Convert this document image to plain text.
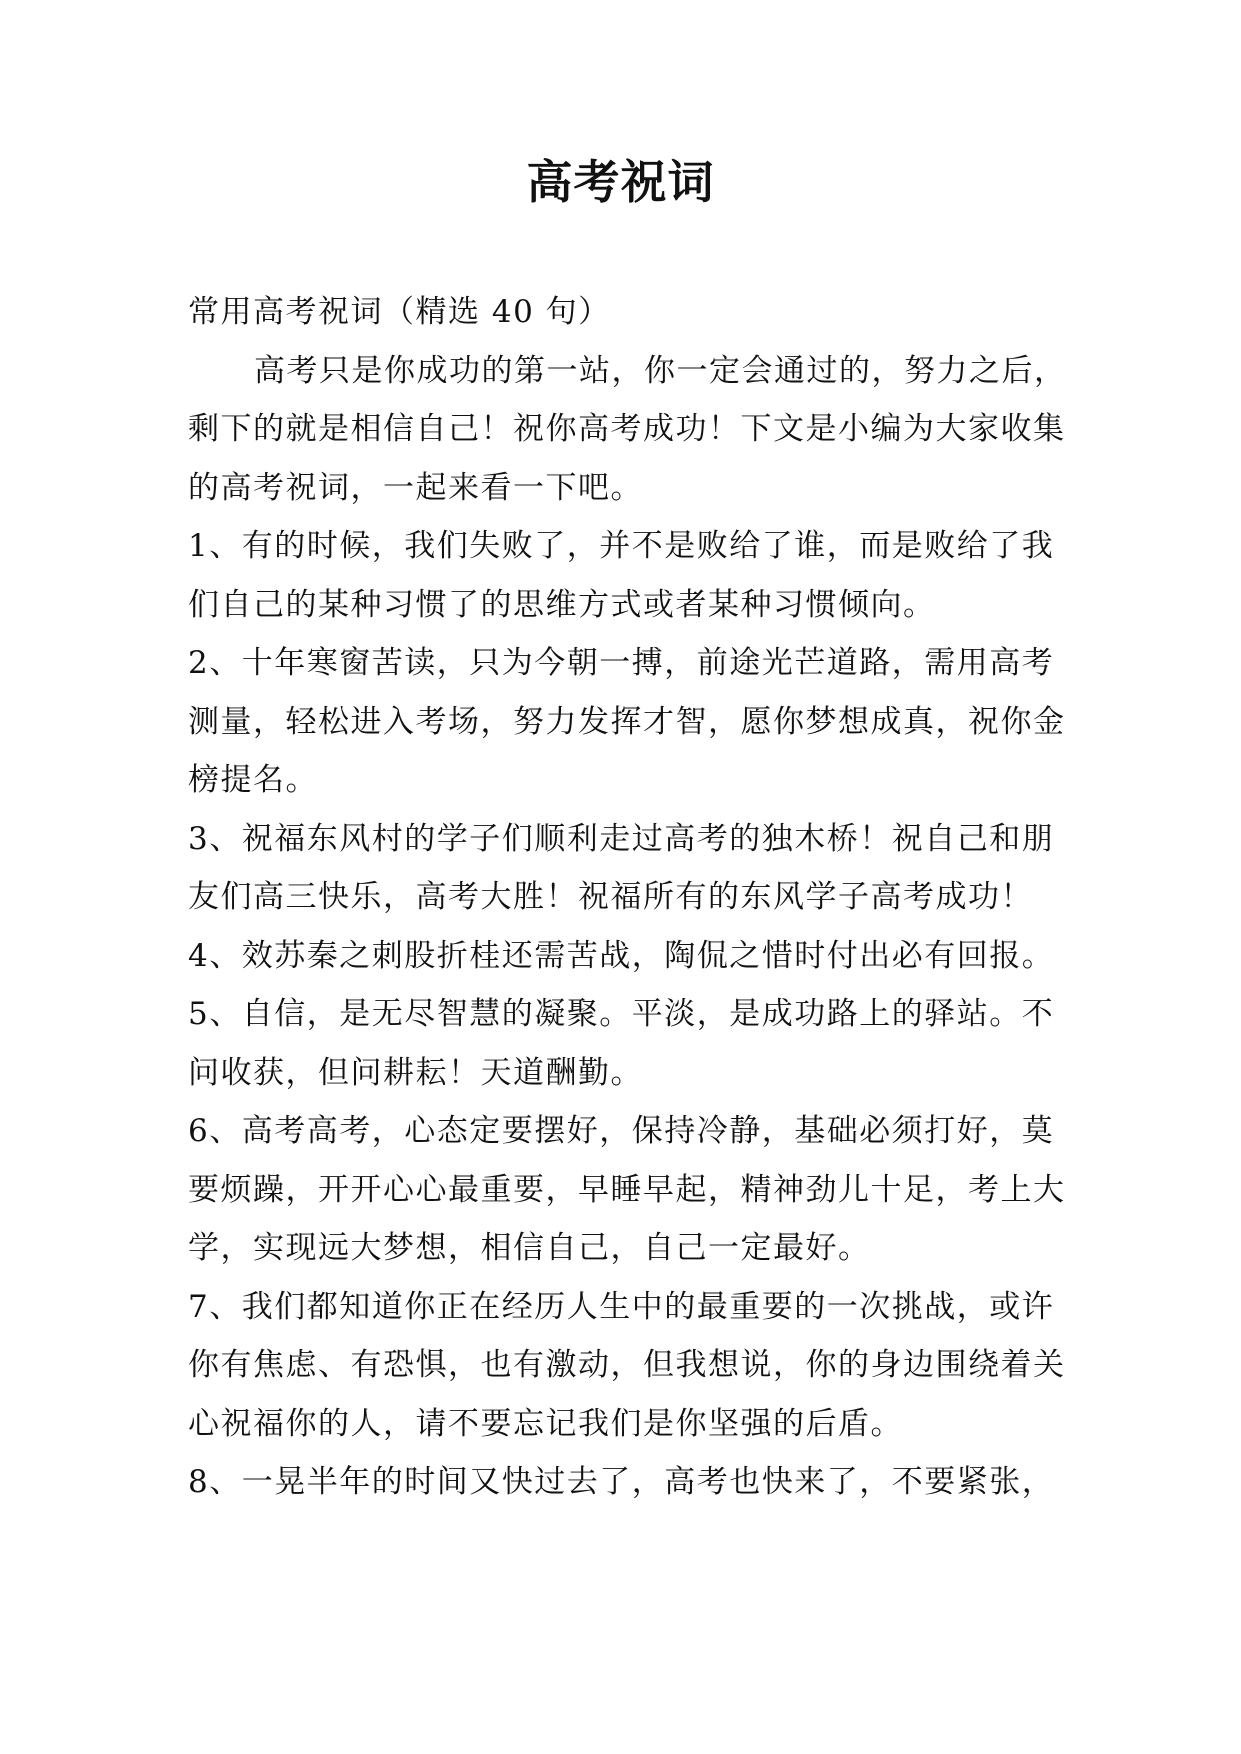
高考祝词

常用高考祝词（精选 40 句）

高考只是你成功的第一站，你一定会通过的，努力之后，剩下的就是相信自己！祝你高考成功！下文是小编为大家收集的高考祝词，一起来看一下吧。

1、有的时候，我们失败了，并不是败给了谁，而是败给了我们自己的某种习惯了的思维方式或者某种习惯倾向。

2、十年寒窗苦读，只为今朝一搏，前途光芒道路，需用高考测量，轻松进入考场，努力发挥才智，愿你梦想成真，祝你金榜提名。

3、祝福东风村的学子们顺利走过高考的独木桥！祝自己和朋友们高三快乐，高考大胜！祝福所有的东风学子高考成功！

4、效苏秦之刺股折桂还需苦战，陶侃之惜时付出必有回报。

5、自信，是无尽智慧的凝聚。平淡，是成功路上的驿站。不问收获，但问耕耘！天道酬勤。

6、高考高考，心态定要摆好，保持冷静，基础必须打好，莫要烦躁，开开心心最重要，早睡早起，精神劲儿十足，考上大学，实现远大梦想，相信自己，自己一定最好。

7、我们都知道你正在经历人生中的最重要的一次挑战，或许你有焦虑、有恐惧，也有激动，但我想说，你的身边围绕着关心祝福你的人，请不要忘记我们是你坚强的后盾。

8、一晃半年的时间又快过去了，高考也快来了，不要紧张，
